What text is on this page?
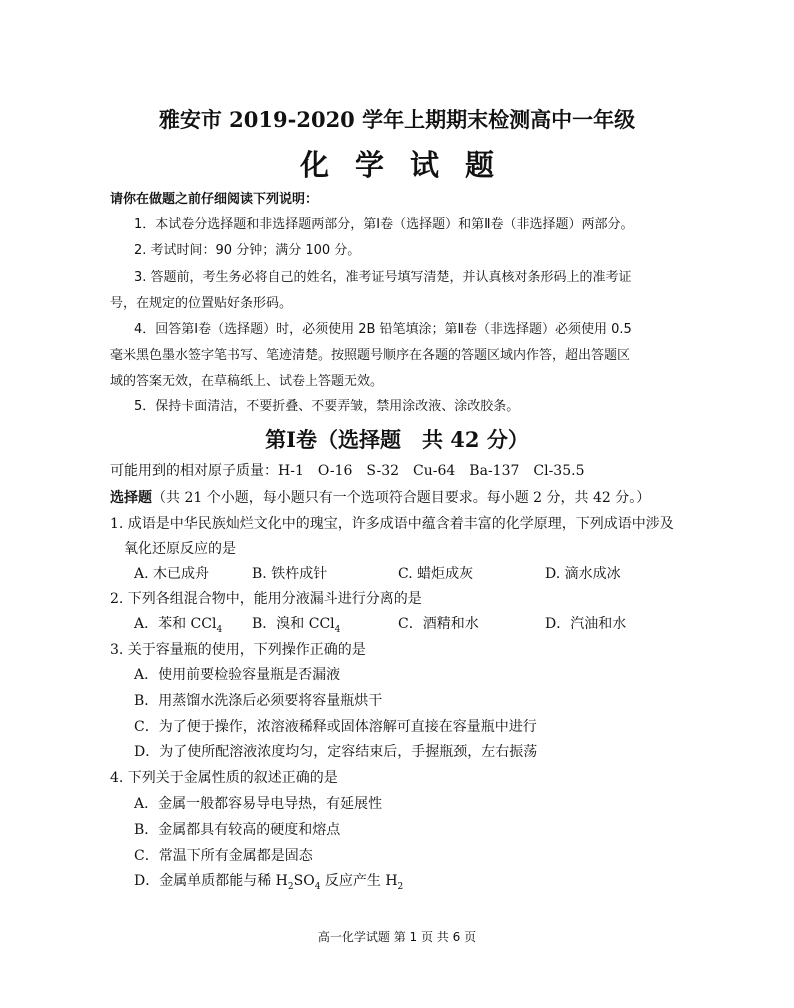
雅安市 2019-2020 学年上期期末检测高中一年级
化学试题
请你在做题之前仔细阅读下列说明：
1．本试卷分选择题和非选择题两部分，第Ⅰ卷（选择题）和第Ⅱ卷（非选择题）两部分。
2. 考试时间：90 分钟；满分 100 分。
3. 答题前，考生务必将自己的姓名，准考证号填写清楚，并认真核对条形码上的准考证
号，在规定的位置贴好条形码。
4．回答第Ⅰ卷（选择题）时，必须使用 2B 铅笔填涂；第Ⅱ卷（非选择题）必须使用 0.5
毫米黑色墨水签字笔书写、笔迹清楚。按照题号顺序在各题的答题区域内作答，超出答题区
域的答案无效，在草稿纸上、试卷上答题无效。
5．保持卡面清洁，不要折叠、不要弄皱，禁用涂改液、涂改胶条。
第Ⅰ卷（选择题　共 42 分）
可能用到的相对原子质量：H-1　O-16　S-32　Cu-64　Ba-137　Cl-35.5
选择题（共 21 个小题，每小题只有一个选项符合题目要求。每小题 2 分，共 42 分。）
1. 成语是中华民族灿烂文化中的瑰宝，许多成语中蕴含着丰富的化学原理，下列成语中涉及
氧化还原反应的是
A. 木已成舟	B. 铁杵成针	C. 蜡炬成灰	D. 滴水成冰
2. 下列各组混合物中，能用分液漏斗进行分离的是
A．苯和 CCl$_4$ B．溴和 CCl$_4$	C．酒精和水	D．汽油和水
3. 关于容量瓶的使用，下列操作正确的是
A．使用前要检验容量瓶是否漏液
B．用蒸馏水洗涤后必须要将容量瓶烘干
C．为了便于操作，浓溶液稀释或固体溶解可直接在容量瓶中进行
D．为了使所配溶液浓度均匀，定容结束后，手握瓶颈，左右振荡
4. 下列关于金属性质的叙述正确的是
A．金属一般都容易导电导热，有延展性
B．金属都具有较高的硬度和熔点
C．常温下所有金属都是固态
D．金属单质都能与稀 $H_2SO_4$ 反应产生 $H_2$
高一化学试题 第 1 页 共 6 页
